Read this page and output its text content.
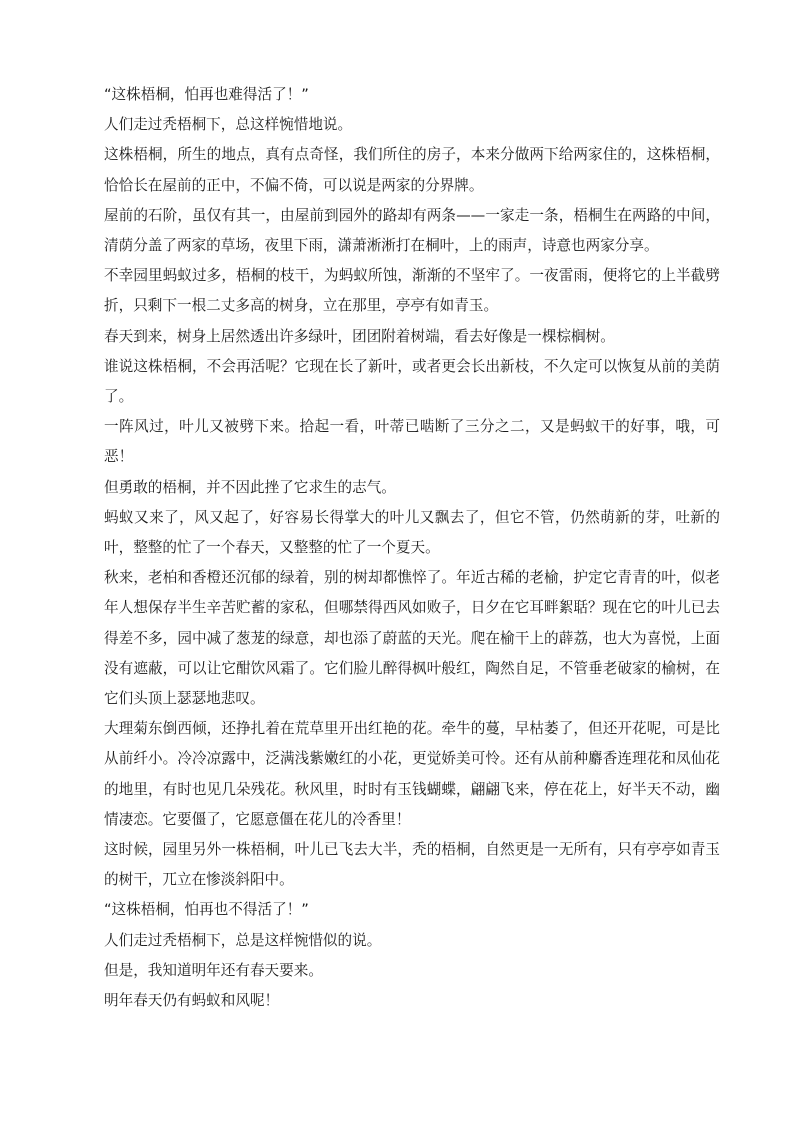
“这株梧桐，怕再也难得活了！”

人们走过秃梧桐下，总这样惋惜地说。

这株梧桐，所生的地点，真有点奇怪，我们所住的房子，本来分做两下给两家住的，这株梧桐，恰恰长在屋前的正中，不偏不倚，可以说是两家的分界牌。

屋前的石阶，虽仅有其一，由屋前到园外的路却有两条——一家走一条，梧桐生在两路的中间，清荫分盖了两家的草场，夜里下雨，潇萧淅淅打在桐叶，上的雨声，诗意也两家分享。

不幸园里蚂蚁过多，梧桐的枝干，为蚂蚁所蚀，渐渐的不坚牢了。一夜雷雨，便将它的上半截劈折，只剩下一根二丈多高的树身，立在那里，亭亭有如青玉。

春天到来，树身上居然透出许多绿叶，团团附着树端，看去好像是一棵棕榈树。

谁说这株梧桐，不会再活呢？它现在长了新叶，或者更会长出新枝，不久定可以恢复从前的美荫了。

一阵风过，叶儿又被劈下来。拾起一看，叶蒂已啮断了三分之二，又是蚂蚁干的好事，哦，可恶！

但勇敢的梧桐，并不因此挫了它求生的志气。

蚂蚁又来了，风又起了，好容易长得掌大的叶儿又飘去了，但它不管，仍然萌新的芽，吐新的叶，整整的忙了一个春天，又整整的忙了一个夏天。

秋来，老柏和香橙还沉郁的绿着，别的树却都憔悴了。年近古稀的老榆，护定它青青的叶，似老年人想保存半生辛苦贮蓄的家私，但哪禁得西风如败子，日夕在它耳畔絮聒？现在它的叶儿已去得差不多，园中减了葱茏的绿意，却也添了蔚蓝的天光。爬在榆干上的薜荔，也大为喜悦，上面没有遮蔽，可以让它酣饮风霜了。它们脸儿醉得枫叶般红，陶然自足，不管垂老破家的榆树，在它们头顶上瑟瑟地悲叹。

大理菊东倒西倾，还挣扎着在荒草里开出红艳的花。牵牛的蔓，早枯萎了，但还开花呢，可是比从前纤小。冷冷凉露中，泛满浅紫嫩红的小花，更觉娇美可怜。还有从前种麝香连理花和凤仙花的地里，有时也见几朵残花。秋风里，时时有玉钱蝴蝶，翩翩飞来，停在花上，好半天不动，幽情凄恋。它要僵了，它愿意僵在花儿的冷香里！

这时候，园里另外一株梧桐，叶儿已飞去大半，秃的梧桐，自然更是一无所有，只有亭亭如青玉的树干，兀立在惨淡斜阳中。

“这株梧桐，怕再也不得活了！”

人们走过秃梧桐下，总是这样惋惜似的说。

但是，我知道明年还有春天要来。

明年春天仍有蚂蚁和风呢！
